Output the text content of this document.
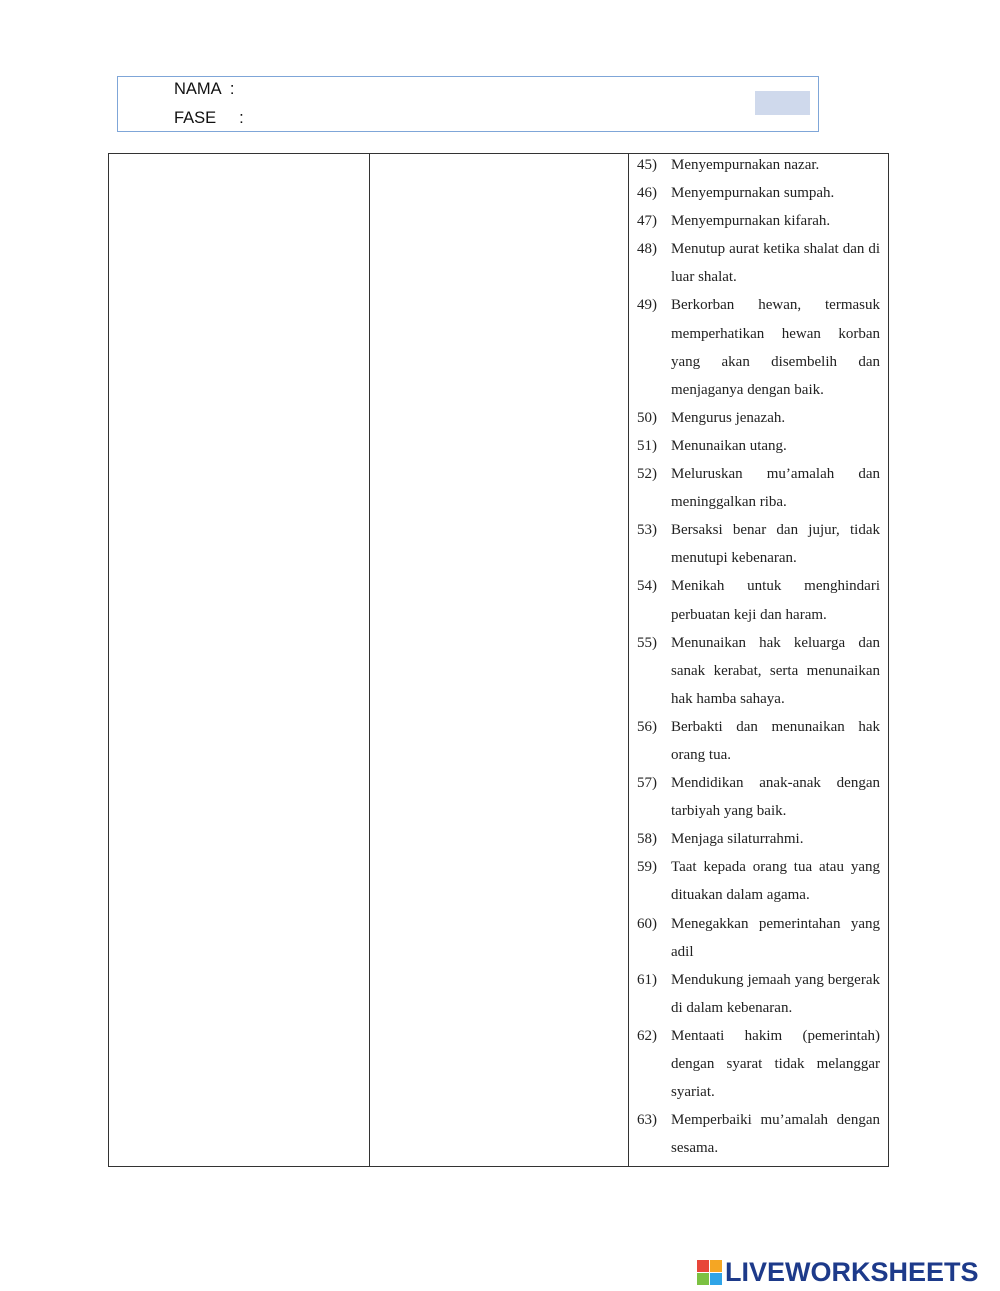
NAMA  :
FASE     :
45) Menyempurnakan nazar.
46) Menyempurnakan sumpah.
47) Menyempurnakan kifarah.
48) Menutup aurat ketika shalat dan di luar shalat.
49) Berkorban hewan, termasuk memperhatikan hewan korban yang akan disembelih dan menjaganya dengan baik.
50) Mengurus jenazah.
51) Menunaikan utang.
52) Meluruskan mu’amalah dan meninggalkan riba.
53) Bersaksi benar dan jujur, tidak menutupi kebenaran.
54) Menikah untuk menghindari perbuatan keji dan haram.
55) Menunaikan hak keluarga dan sanak kerabat, serta menunaikan hak hamba sahaya.
56) Berbakti dan menunaikan hak orang tua.
57) Mendidikan anak-anak dengan tarbiyah yang baik.
58) Menjaga silaturrahmi.
59) Taat kepada orang tua atau yang dituakan dalam agama.
60) Menegakkan pemerintahan yang adil
61) Mendukung jemaah yang bergerak di dalam kebenaran.
62) Mentaati hakim (pemerintah) dengan syarat tidak melanggar syariat.
63) Memperbaiki mu’amalah dengan sesama.
LIVEWORKSHEETS
